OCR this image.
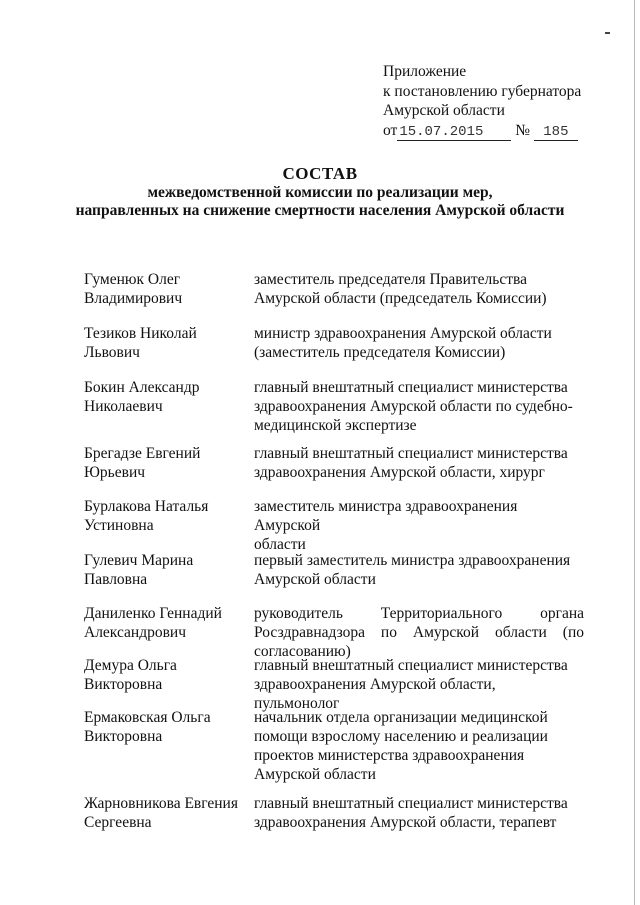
Приложение
к постановлению губернатора
Амурской области
от 15.07.2015 № 185
СОСТАВ
межведомственной комиссии по реализации мер,
направленных на снижение смертности населения Амурской области
Гуменюк Олег
Владимирович
заместитель председателя Правительства
Амурской области (председатель Комиссии)
Тезиков Николай
Львович
министр здравоохранения Амурской области
(заместитель председателя Комиссии)
Бокин Александр
Николаевич
главный внештатный специалист министерства
здравоохранения Амурской области по судебно-
медицинской экспертизе
Брегадзе Евгений
Юрьевич
главный внештатный специалист министерства
здравоохранения Амурской области, хирург
Бурлакова Наталья
Устиновна
заместитель министра здравоохранения Амурской
области
Гулевич Марина
Павловна
первый заместитель министра здравоохранения
Амурской области
Даниленко Геннадий
Александрович
руководитель Территориального органа
Росздравнадзора по Амурской области (по
согласованию)
Демура Ольга
Викторовна
главный внештатный специалист министерства
здравоохранения Амурской области, пульмонолог
Ермаковская Ольга
Викторовна
начальник отдела организации медицинской
помощи взрослому населению и реализации
проектов министерства здравоохранения
Амурской области
Жарновникова Евгения
Сергеевна
главный внештатный специалист министерства
здравоохранения Амурской области, терапевт
